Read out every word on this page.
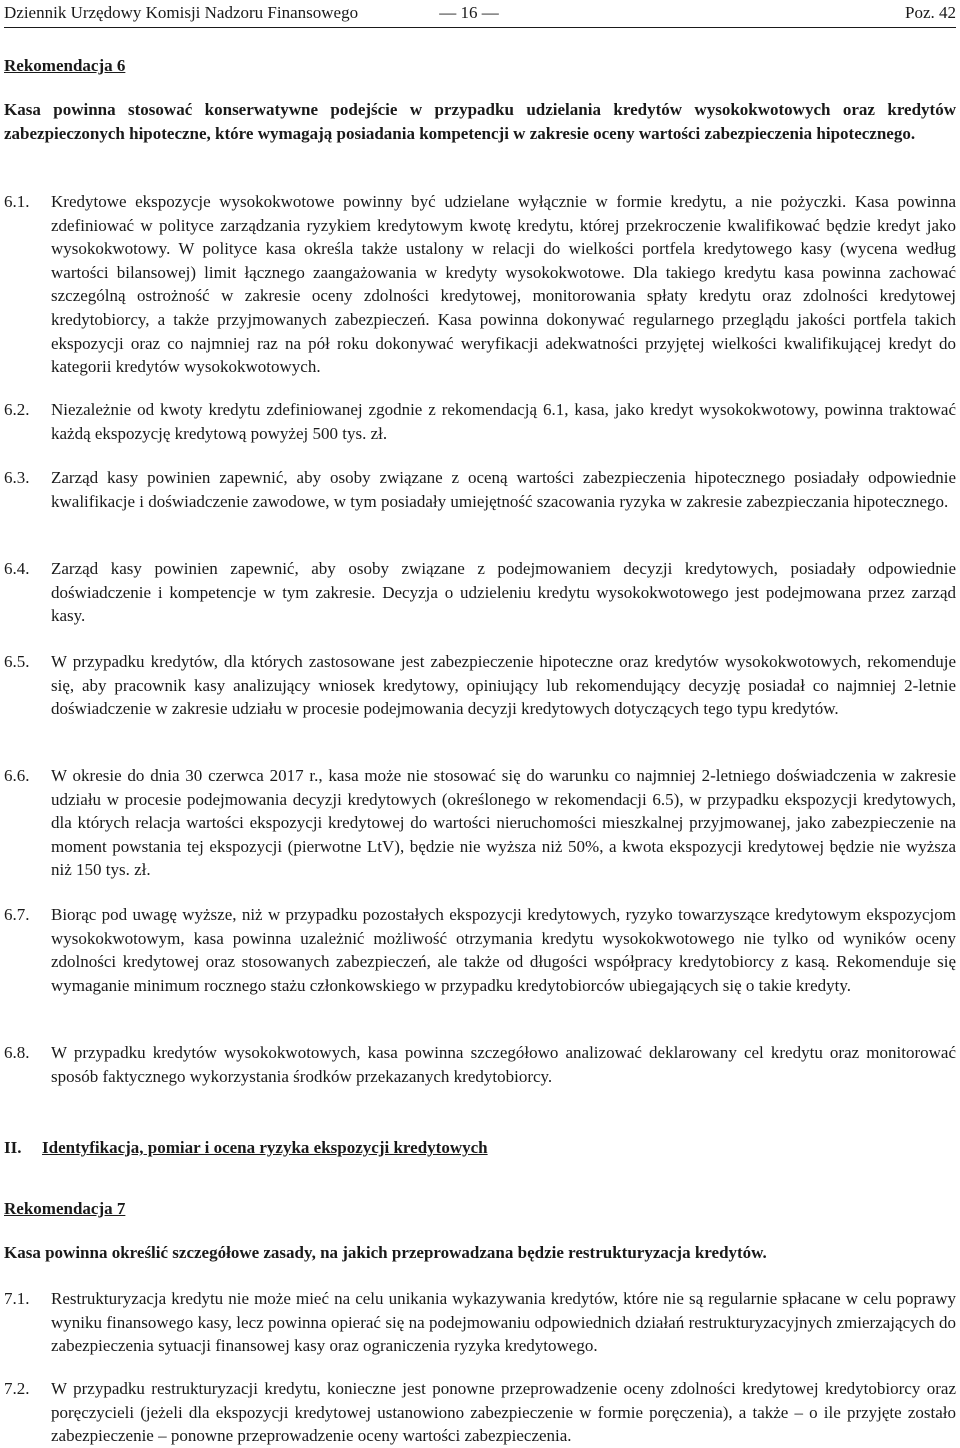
Dziennik Urzędowy Komisji Nadzoru Finansowego	— 16 —	Poz. 42

Rekomendacja 6

Kasa powinna stosować konserwatywne podejście w przypadku udzielania kredytów wysokokwotowych oraz kredytów zabezpieczonych hipoteczne, które wymagają posiadania kompetencji w zakresie oceny wartości zabezpieczenia hipotecznego.

6.1.	Kredytowe ekspozycje wysokokwotowe powinny być udzielane wyłącznie w formie kredytu, a nie pożyczki. Kasa powinna zdefiniować w polityce zarządzania ryzykiem kredytowym kwotę kredytu, której przekroczenie kwalifikować będzie kredyt jako wysokokwotowy. W polityce kasa określa także ustalony w relacji do wielkości portfela kredytowego kasy (wycena według wartości bilansowej) limit łącznego zaangażowania w kredyty wysokokwotowe. Dla takiego kredytu kasa powinna zachować szczególną ostrożność w zakresie oceny zdolności kredytowej, monitorowania spłaty kredytu oraz zdolności kredytowej kredytobiorcy, a także przyjmowanych zabezpieczeń. Kasa powinna dokonywać regularnego przeglądu jakości portfela takich ekspozycji oraz co najmniej raz na pół roku dokonywać weryfikacji adekwatności przyjętej wielkości kwalifikującej kredyt do kategorii kredytów wysokokwotowych.
6.2.	Niezależnie od kwoty kredytu zdefiniowanej zgodnie z rekomendacją 6.1, kasa, jako kredyt wysokokwotowy, powinna traktować każdą ekspozycję kredytową powyżej 500 tys. zł.
6.3.	Zarząd kasy powinien zapewnić, aby osoby związane z oceną wartości zabezpieczenia hipotecznego posiadały odpowiednie kwalifikacje i doświadczenie zawodowe, w tym posiadały umiejętność szacowania ryzyka w zakresie zabezpieczania hipotecznego.
6.4.	Zarząd kasy powinien zapewnić, aby osoby związane z podejmowaniem decyzji kredytowych, posiadały odpowiednie doświadczenie i kompetencje w tym zakresie. Decyzja o udzieleniu kredytu wysokokwotowego jest podejmowana przez zarząd kasy.
6.5.	W przypadku kredytów, dla których zastosowane jest zabezpieczenie hipoteczne oraz kredytów wysokokwotowych, rekomenduje się, aby pracownik kasy analizujący wniosek kredytowy, opiniujący lub rekomendujący decyzję posiadał co najmniej 2-letnie doświadczenie w zakresie udziału w procesie podejmowania decyzji kredytowych dotyczących tego typu kredytów.
6.6.	W okresie do dnia 30 czerwca 2017 r., kasa może nie stosować się do warunku co najmniej 2-letniego doświadczenia w zakresie udziału w procesie podejmowania decyzji kredytowych (określonego w rekomendacji 6.5), w przypadku ekspozycji kredytowych, dla których relacja wartości ekspozycji kredytowej do wartości nieruchomości mieszkalnej przyjmowanej, jako zabezpieczenie na moment powstania tej ekspozycji (pierwotne LtV), będzie nie wyższa niż 50%, a kwota ekspozycji kredytowej będzie nie wyższa niż 150 tys. zł.
6.7.	Biorąc pod uwagę wyższe, niż w przypadku pozostałych ekspozycji kredytowych, ryzyko towarzyszące kredytowym ekspozycjom wysokokwotowym, kasa powinna uzależnić możliwość otrzymania kredytu wysokokwotowego nie tylko od wyników oceny zdolności kredytowej oraz stosowanych zabezpieczeń, ale także od długości współpracy kredytobiorcy z kasą. Rekomenduje się wymaganie minimum rocznego stażu członkowskiego w przypadku kredytobiorców ubiegających się o takie kredyty.
6.8.	W przypadku kredytów wysokokwotowych, kasa powinna szczegółowo analizować deklarowany cel kredytu oraz monitorować sposób faktycznego wykorzystania środków przekazanych kredytobiorcy.
II. Identyfikacja, pomiar i ocena ryzyka ekspozycji kredytowych

Rekomendacja 7

Kasa powinna określić szczegółowe zasady, na jakich przeprowadzana będzie restrukturyzacja kredytów.

7.1.	Restrukturyzacja kredytu nie może mieć na celu unikania wykazywania kredytów, które nie są regularnie spłacane w celu poprawy wyniku finansowego kasy, lecz powinna opierać się na podejmowaniu odpowiednich działań restrukturyzacyjnych zmierzających do zabezpieczenia sytuacji finansowej kasy oraz ograniczenia ryzyka kredytowego.
7.2.	W przypadku restrukturyzacji kredytu, konieczne jest ponowne przeprowadzenie oceny zdolności kredytowej kredytobiorcy oraz poręczycieli (jeżeli dla ekspozycji kredytowej ustanowiono zabezpieczenie w formie poręczenia), a także – o ile przyjęte zostało zabezpieczenie – ponowne przeprowadzenie oceny wartości zabezpieczenia.
